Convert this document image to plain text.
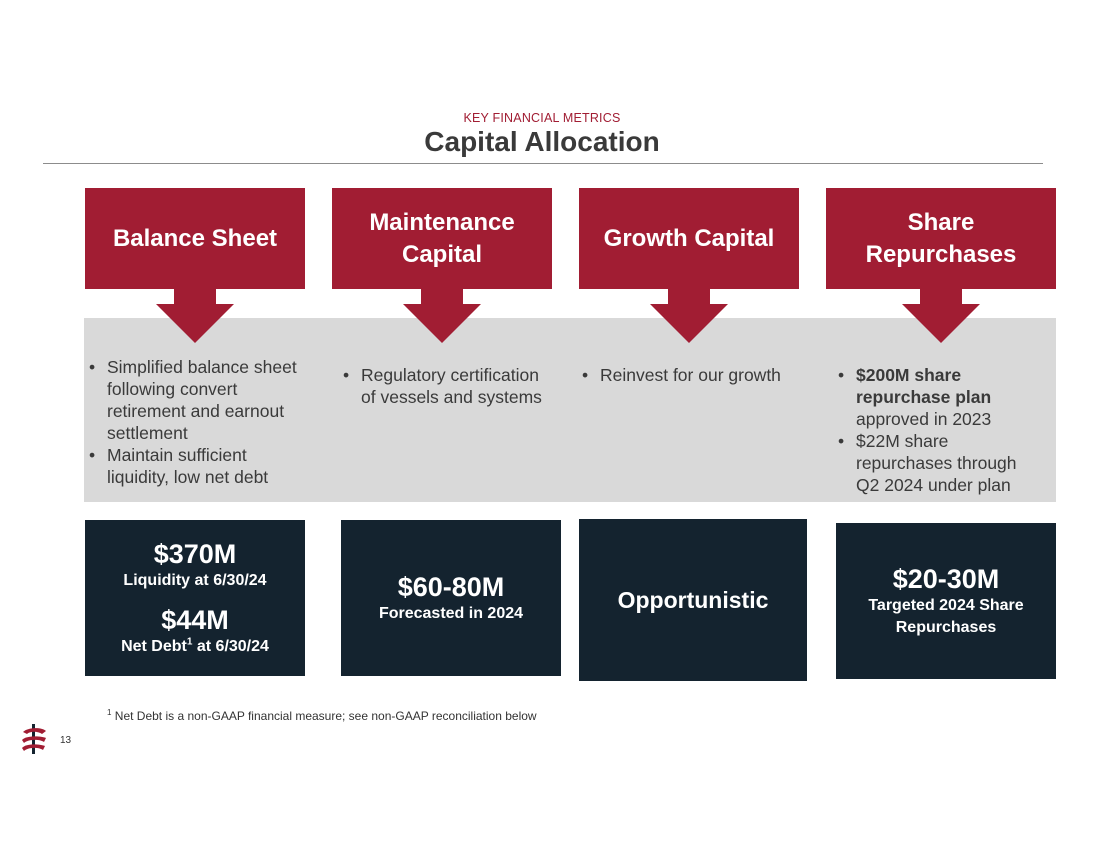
KEY FINANCIAL METRICS
Capital Allocation
Balance Sheet
Maintenance Capital
Growth Capital
Share Repurchases
• Simplified balance sheet following convert retirement and earnout settlement
• Maintain sufficient liquidity, low net debt
• Regulatory certification of vessels and systems
• Reinvest for our growth	• $200M share repurchase plan approved in 2023
• $22M share repurchases through Q2 2024 under plan
$370M
Liquidity at 6/30/24
$44M
Net Debt$^1$ at 6/30/24
$60-80M
Forecasted in 2024
Opportunistic
$20-30M
Targeted 2024 Share Repurchases
$^1$ Net Debt is a non-GAAP financial measure; see non-GAAP reconciliation below
13
